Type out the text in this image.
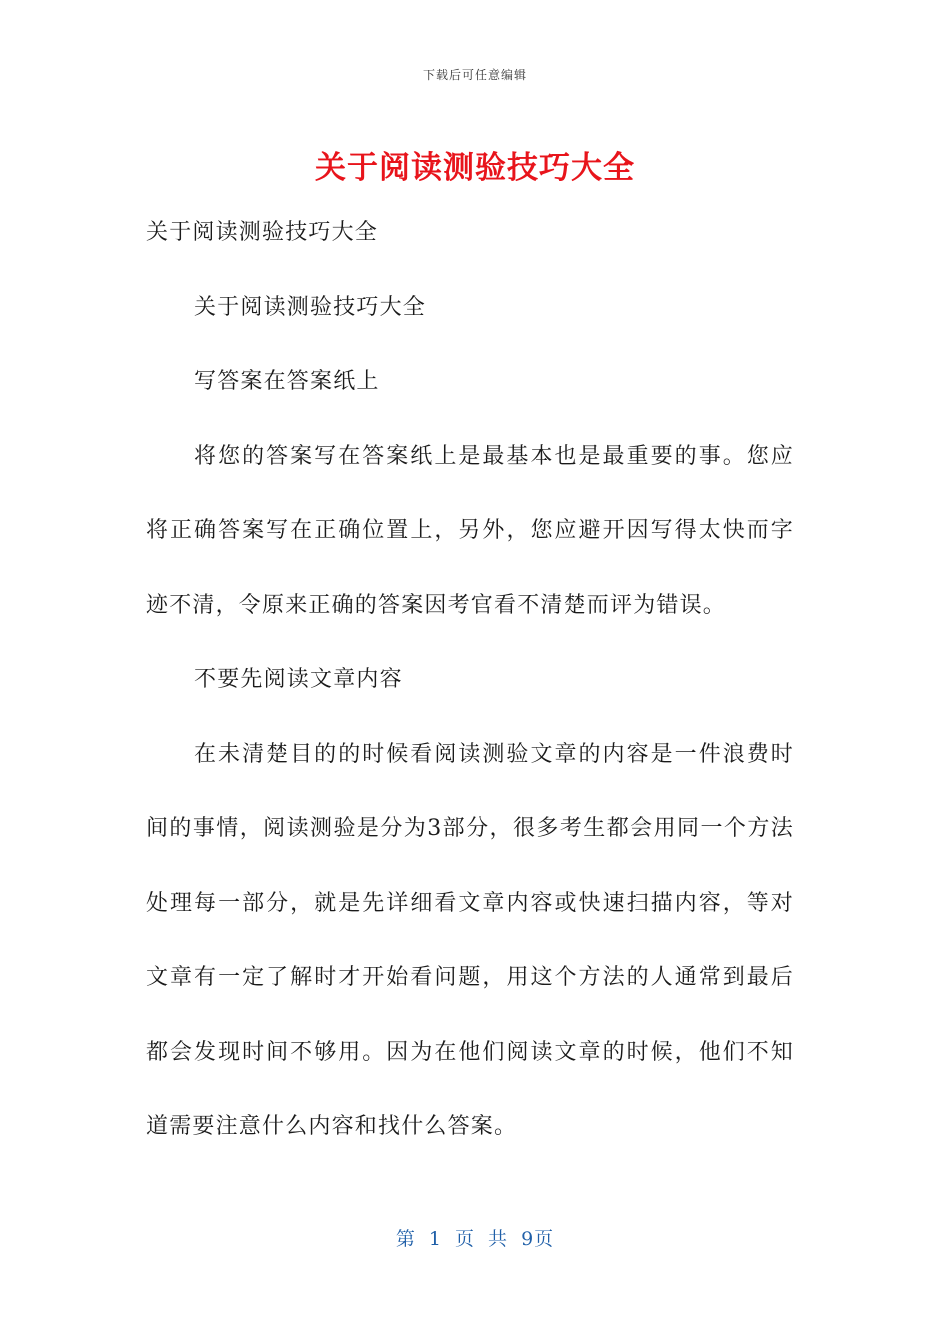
下载后可任意编辑
关于阅读测验技巧大全

关于阅读测验技巧大全

关于阅读测验技巧大全

写答案在答案纸上

将您的答案写在答案纸上是最基本也是最重要的事。您应将正确答案写在正确位置上，另外，您应避开因写得太快而字迹不清，令原来正确的答案因考官看不清楚而评为错误。

不要先阅读文章内容

在未清楚目的的时候看阅读测验文章的内容是一件浪费时间的事情，阅读测验是分为3部分，很多考生都会用同一个方法处理每一部分，就是先详细看文章内容或快速扫描内容，等对文章有一定了解时才开始看问题，用这个方法的人通常到最后都会发现时间不够用。因为在他们阅读文章的时候，他们不知道需要注意什么内容和找什么答案。

第 1 页 共 9页
